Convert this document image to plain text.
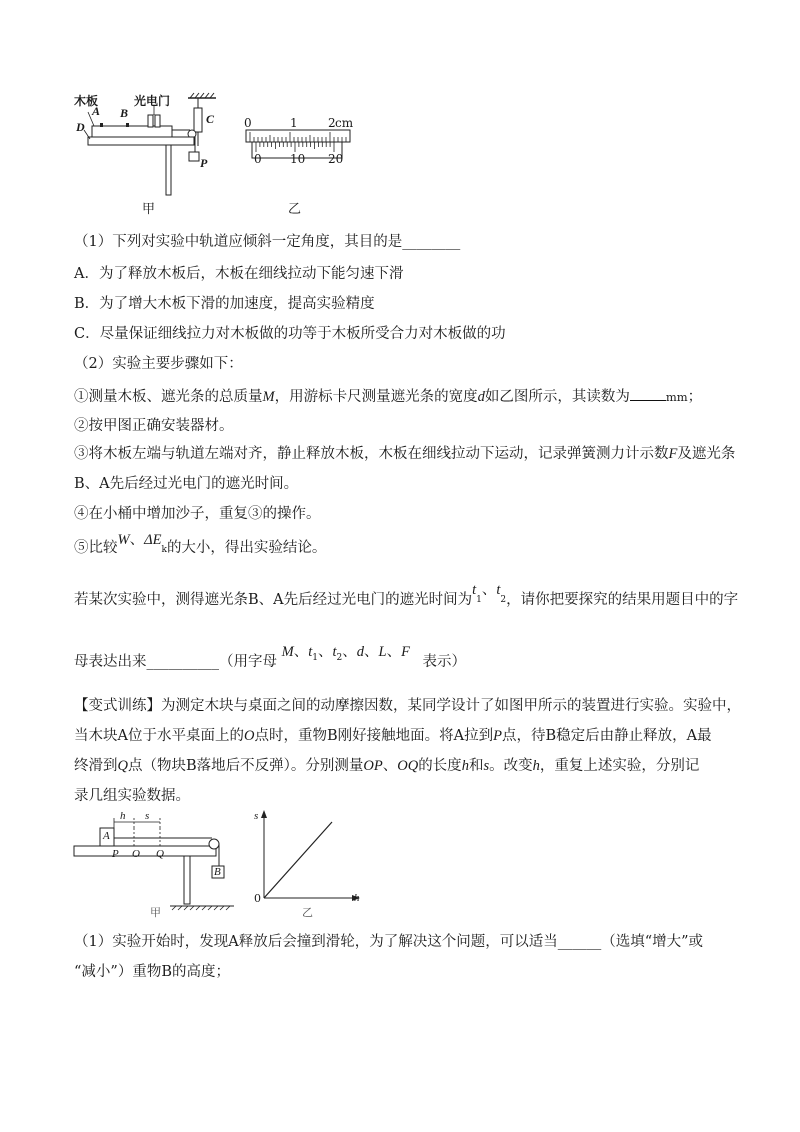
木板
A
D
B
光电门
C
P
甲
0	1	2 cm
0 10 20
乙
（1）下列对实验中轨道应倾斜一定角度，其目的是________
A．为了释放木板后，木板在细线拉动下能匀速下滑
B．为了增大木板下滑的加速度，提高实验精度
C．尽量保证细线拉力对木板做的功等于木板所受合力对木板做的功
（2）实验主要步骤如下：
①测量木板、遮光条的总质量M，用游标卡尺测量遮光条的宽度d如乙图所示，其读数为	mm；
②按甲图正确安装器材。
③将木板左端与轨道左端对齐，静止释放木板，木板在细线拉动下运动，记录弹簧测力计示数F及遮光条
B、A先后经过光电门的遮光时间。
④在小桶中增加沙子，重复③的操作。
⑤比较W、$\Delta E_k$的大小，得出实验结论。
若某次实验中，测得遮光条B、A先后经过光电门的遮光时间为$t_1$、$t_2$，请你把要探究的结果用题目中的字
母表达出来__________（用字母 M、$t_1$、$t_2$、d、L、F 表示）
【变式训练】为测定木块与桌面之间的动摩擦因数，某同学设计了如图甲所示的装置进行实验。实验中，
当木块A位于水平桌面上的O点时，重物B刚好接触地面。将A拉到P点，待B稳定后由静止释放，A最
终滑到Q点（物块B落地后不反弹）。分别测量OP、OQ的长度h和s。改变h，重复上述实验，分别记
录几组实验数据。
h s
A
P O Q
B
甲
s
0	h
乙
（1）实验开始时，发现A释放后会撞到滑轮，为了解决这个问题，可以适当______（选填“增大”或
“减小”）重物B的高度；
